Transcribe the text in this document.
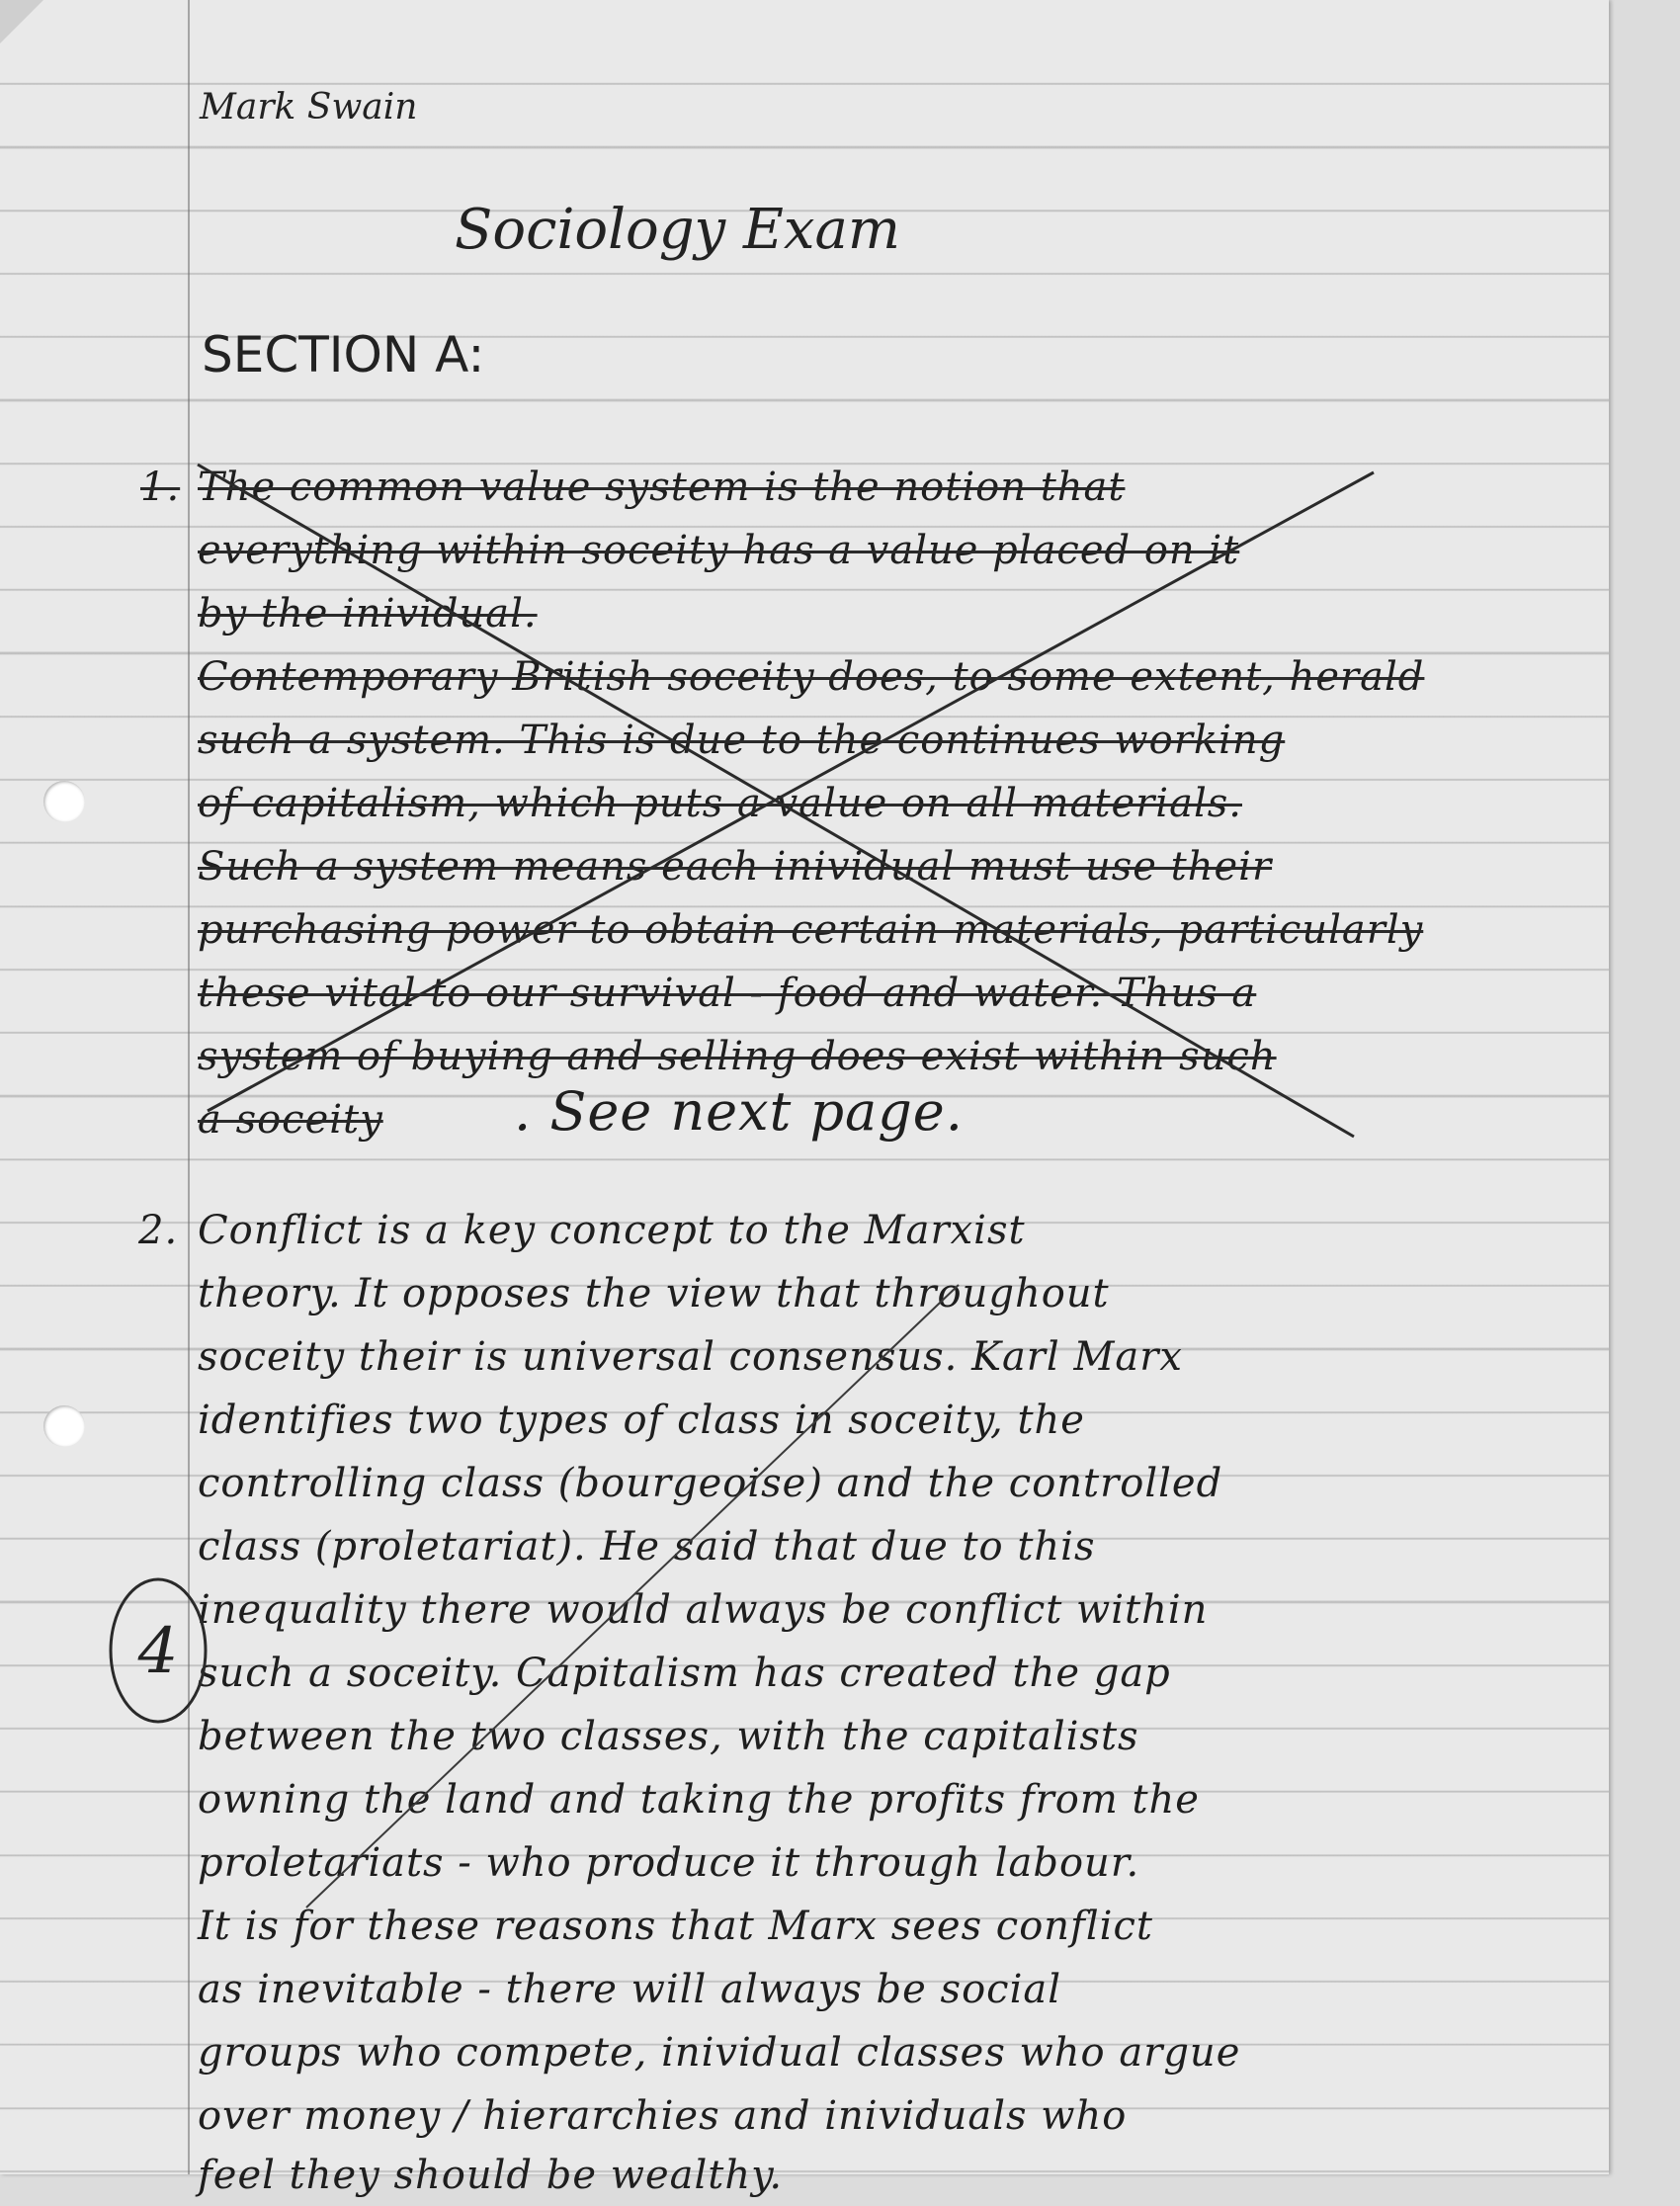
Mark Swain
Sociology Exam
SECTION A:
1. The common value system is the notion that
everything within soceity has a value placed on it
by the inividual.
Contemporary British soceity does, to some extent, herald
such a system. This is due to the continues working
of capitalism, which puts a value on all materials.
Such a system means each inividual must use their
purchasing power to obtain certain materials, particularly
these vital to our survival - food and water. Thus a
system of buying and selling does exist within such
a soceity . See next page.
2. Conflict is a key concept to the Marxist
theory. It opposes the view that throughout
soceity their is universal consensus. Karl Marx
identifies two types of class in soceity, the
controlling class (bourgeoise) and the controlled
class (proletariat). He said that due to this
inequality there would always be conflict within
such a soceity. Capitalism has created the gap
between the two classes, with the capitalists
owning the land and taking the profits from the
proletariats - who produce it through labour.
It is for these reasons that Marx sees conflict
as inevitable - there will always be social
groups who compete, inividual classes who argue
over money / hierarchies and inividuals who
feel they should be wealthy.
4
